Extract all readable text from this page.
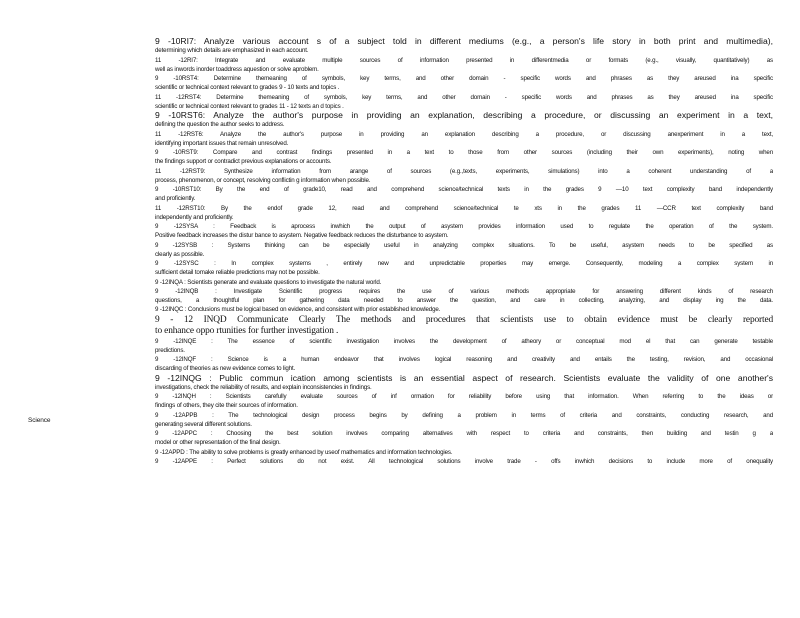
Science
9 -10RI7: Analyze various account s of a subject told in different mediums (e.g., a person's life story in both print and multimedia),
determining which details are emphasized in each account.
11 -12RI7: Integrate and evaluate multiple sources of information presented in differentmedia or formats (e.g., visually, quantitatively) as
well as inwords inorder toaddress aquestion or solve aproblem.
9 -10RST4: Determine themeaning of symbols, key terms, and other domain - specific words and phrases as they areused ina specific
scientific or technical context relevant to grades 9 - 10 texts and topics .
11 -12RST4: Determine themeaning of symbols, key terms, and other domain - specific words and phrases as they areused ina specific
scientific or technical context relevant to grades 11 - 12 texts an d topics .
9 -10RST6: Analyze the author's purpose in providing an explanation, describing a procedure, or discussing an experiment in a text,
defining the question the author seeks to address.
11 -12RST6: Analyze the author's purpose in providing an explanation describing a procedure, or discussing anexperiment in a text,
identifying important issues that remain unresolved.
9 -10RST9: Compare and contrast findings presented in a text to those from other sources (including their own experiments), noting when
the findings support or contradict previous explanations or accounts.
11 -12RST9: Synthesize information from arange of sources (e.g.,texts, experiments, simulations) into a coherent understanding of a
process, phenomenon, or concept, resolving conflictin g information when possible.
9 -10RST10: By the end of grade10, read and comprehend science/technical texts in the grades 9 —10 text complexity band independently
and proficiently.
11 -12RST10: By the endof grade 12, read and comprehend science/technical te xts in the grades 11 —CCR text complexity band
independently and proficiently.
9 -12SYSA : Feedback is aprocess inwhich the output of asystem provides information used to regulate the operation of the system.
Positive feedback increases the distur bance to asystem. Negative feedback reduces the disturbance to asystem.
9 -12SYSB : Systems thinking can be especially useful in analyzing complex situations. To be useful, asystem needs to be specified as
clearly as possible.
9 -12SYSC : In complex systems , entirely new and unpredictable properties may emerge. Consequently, modeling a complex system in
sufficient detail tomake reliable predictions may not be possible.
9 -12INQA : Scientists generate and evaluate questions to investigate the natural world.
9 -12INQB : Investigate Scientific progress requires the use of various methods appropriate for answering different kinds of research
questions, a thoughtful plan for gathering data needed to answer the question, and care in collecting, analyzing, and display ing the data.
9 -12INQC : Conclusions must be logical based on evidence, and consistent with prior established knowledge.
9 - 12 INQD Communicate Clearly The methods and procedures that scientists use to obtain evidence must be clearly reported
to enhance oppo rtunities for further investigation .
9 -12INQE : The essence of scientific investigation involves the development of atheory or conceptual mod el that can generate testable
predictions.
9 -12INQF : Science is a human endeavor that involves logical reasoning and creativity and entails the testing, revision, and occasional
discarding of theories as new evidence comes to light.
9 -12INQG : Public commun ication among scientists is an essential aspect of research. Scientists evaluate the validity of one another's
investigations, check the reliability of results, and explain inconsistencies in findings.
9 -12INQH : Scientists carefully evaluate sources of inf ormation for reliability before using that information. When referring to the ideas or
findings of others, they cite their sources of information.
9 -12APPB : The technological design process begins by defining a problem in terms of criteria and constraints, conducting research, and
generating several different solutions.
9 -12APPC : Choosing the best solution involves comparing alternatives with respect to criteria and constraints, then building and testin g a
model or other representation of the final design.
9 -12APPD : The ability to solve problems is greatly enhanced by useof mathematics and information technologies.
9 -12APPE : Perfect solutions do not exist. All technological solutions involve trade - offs inwhich decisions to include more of onequality
